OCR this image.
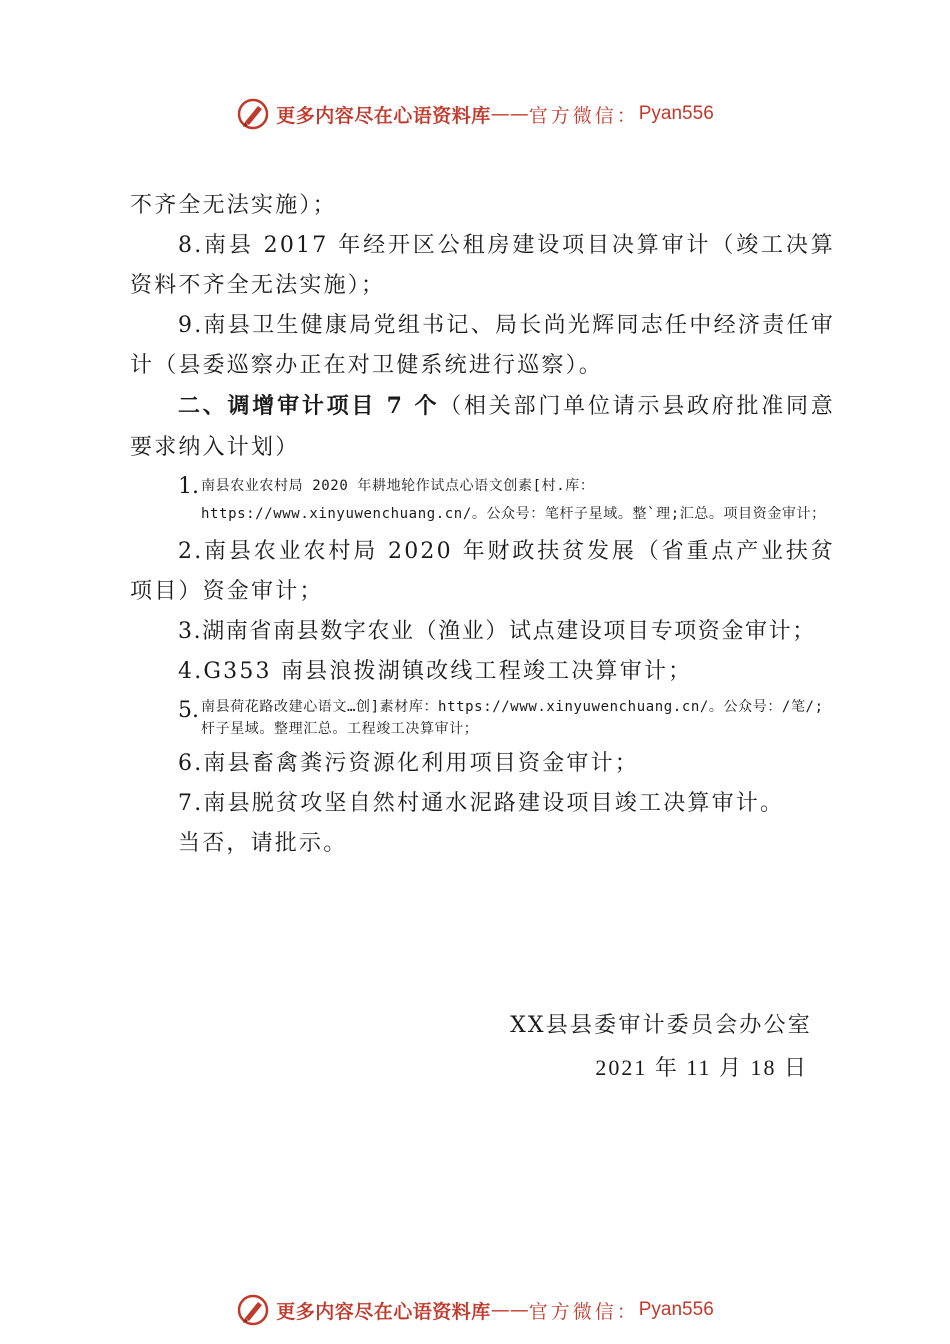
更多内容尽在心语资料库 —— 官方微信： Pyan556

不齐全无法实施）；

8.南县 2017 年经开区公租房建设项目决算审计（竣工决算资料不齐全无法实施）；

9.南县卫生健康局党组书记、局长尚光辉同志任中经济责任审计（县委巡察办正在对卫健系统进行巡察）。

二、调增审计项目 7 个（相关部门单位请示县政府批准同意要求纳入计划）

1. 南县农业农村局 2020 年耕地轮作试点心语文创素[村.库：https://www.xinyuwenchuang.cn/。公众号：笔杆子星域。整`理;汇总。项目资金审计；

2.南县农业农村局 2020 年财政扶贫发展（省重点产业扶贫项目）资金审计；

3.湖南省南县数字农业（渔业）试点建设项目专项资金审计；

4.G353 南县浪拨湖镇改线工程竣工决算审计；

5. 南县荷花路改建心语文…创]素材库：https://www.xinyuwenchuang.cn/。公众号：/笔/;杆子星域。整理汇总。工程竣工决算审计；

6.南县畜禽粪污资源化利用项目资金审计；

7.南县脱贫攻坚自然村通水泥路建设项目竣工决算审计。

当否，请批示。

XX县县委审计委员会办公室

2021 年 11 月 18 日

更多内容尽在心语资料库 —— 官方微信： Pyan556
